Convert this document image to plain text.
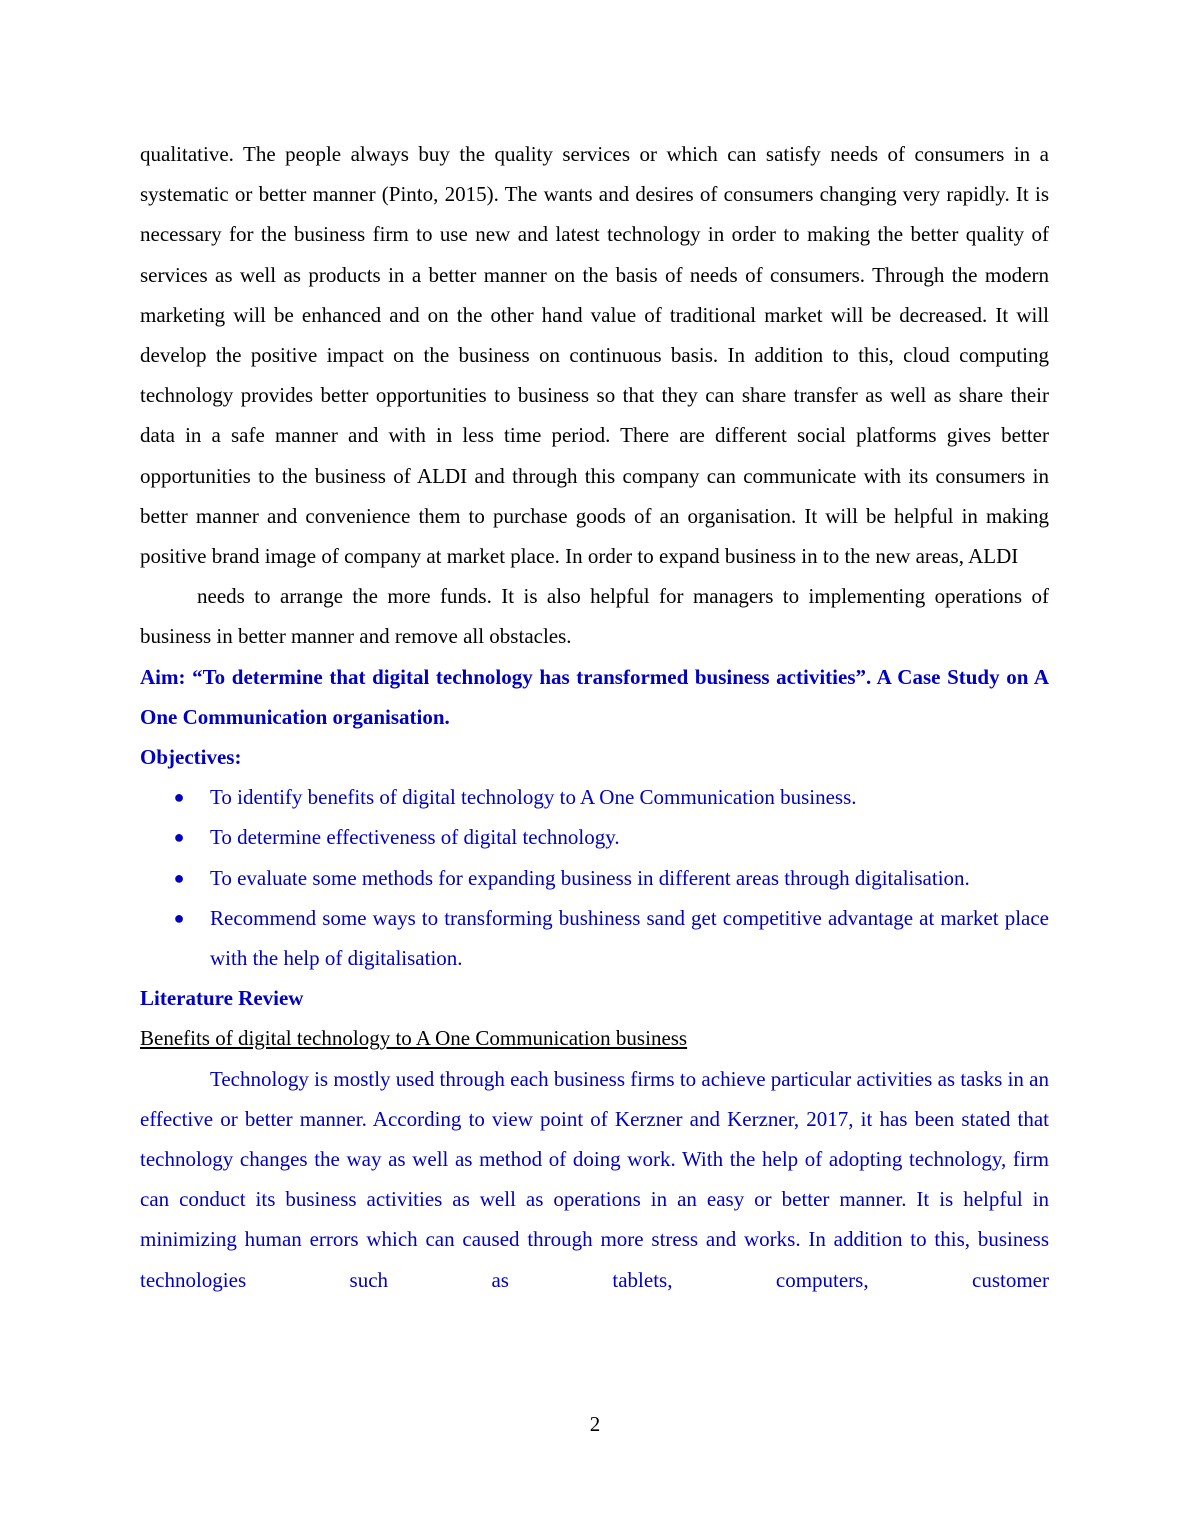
qualitative. The people always buy the quality services or which can satisfy needs of consumers in a systematic or better manner (Pinto, 2015). The wants and desires of consumers changing very rapidly. It is necessary for the business firm to use new and latest technology in order to making the better quality of services as well as products in a better manner on the basis of needs of consumers. Through the modern marketing will be enhanced and on the other hand value of traditional market will be decreased. It will develop the positive impact on the business on continuous basis. In addition to this, cloud computing technology provides better opportunities to business so that they can share transfer as well as share their data in a safe manner and with in less time period. There are different social platforms gives better opportunities to the business of ALDI and through this company can communicate with its consumers in better manner and convenience them to purchase goods of an organisation. It will be helpful in making positive brand image of company at market place. In order to expand business in to the new areas, ALDI

needs to arrange the more funds. It is also helpful for managers to implementing operations of business in better manner and remove all obstacles.

Aim: “To determine that digital technology has transformed business activities”. A Case Study on A One Communication organisation.

Objectives:

● To identify benefits of digital technology to A One Communication business.
● To determine effectiveness of digital technology.
● To evaluate some methods for expanding business in different areas through digitalisation.
● Recommend some ways to transforming bushiness sand get competitive advantage at market place with the help of digitalisation.

Literature Review

Benefits of digital technology to A One Communication business

Technology is mostly used through each business firms to achieve particular activities as tasks in an effective or better manner. According to view point of Kerzner and Kerzner, 2017, it has been stated that technology changes the way as well as method of doing work. With the help of adopting technology, firm can conduct its business activities as well as operations in an easy or better manner. It is helpful in minimizing human errors which can caused through more stress and works. In addition to this, business technologies such as tablets, computers, customer

2
